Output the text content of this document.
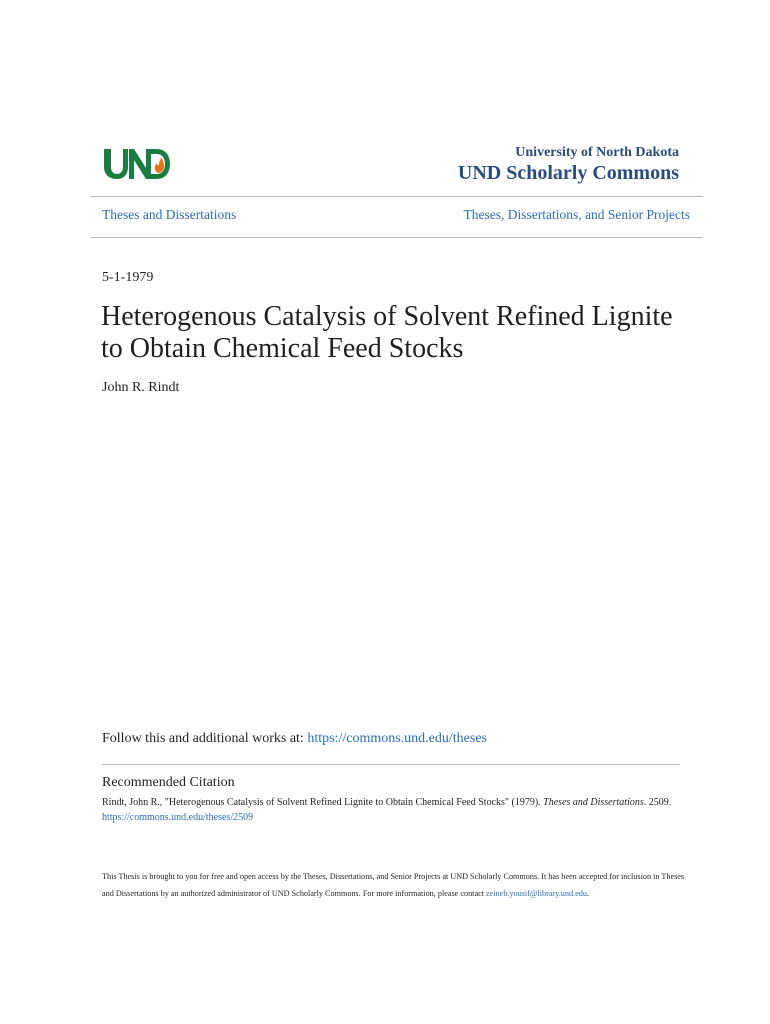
University of North Dakota
UND Scholarly Commons
Theses and Dissertations	Theses, Dissertations, and Senior Projects
5-1-1979
Heterogenous Catalysis of Solvent Refined Lignite to Obtain Chemical Feed Stocks
John R. Rindt
Follow this and additional works at: https://commons.und.edu/theses
Recommended Citation
Rindt, John R., "Heterogenous Catalysis of Solvent Refined Lignite to Obtain Chemical Feed Stocks" (1979). Theses and Dissertations. 2509.
https://commons.und.edu/theses/2509
This Thesis is brought to you for free and open access by the Theses, Dissertations, and Senior Projects at UND Scholarly Commons. It has been accepted for inclusion in Theses and Dissertations by an authorized administrator of UND Scholarly Commons. For more information, please contact zeineb.yousif@library.und.edu.
